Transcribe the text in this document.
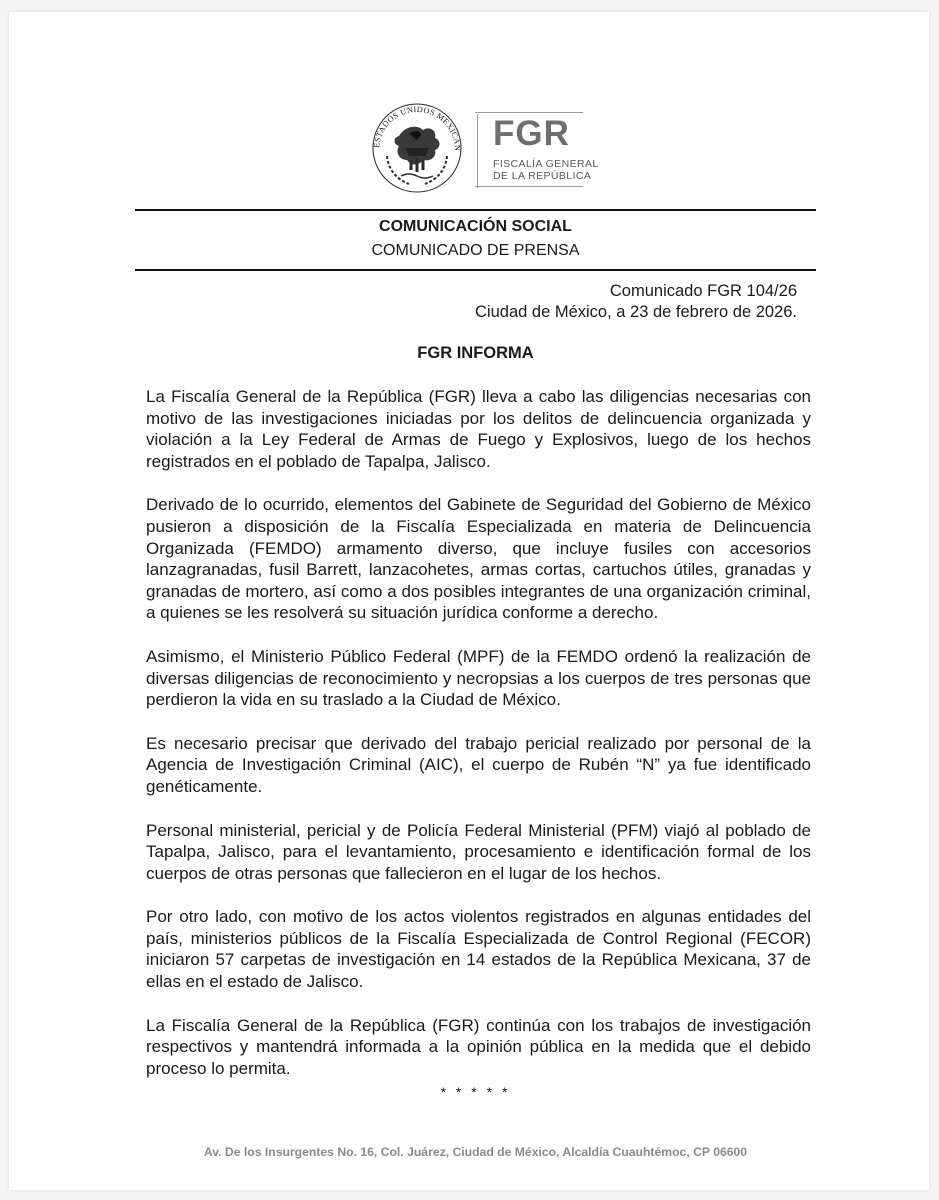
ESTADOS UNIDOS MEXICAN FGR
FISCALÍA GENERAL
DE LA REPÚBLICA
COMUNICACIÓN SOCIAL
COMUNICADO DE PRENSA
Comunicado FGR 104/26
Ciudad de México, a 23 de febrero de 2026.
FGR INFORMA

La Fiscalía General de la República (FGR) lleva a cabo las diligencias necesarias con motivo de las investigaciones iniciadas por los delitos de delincuencia organizada y violación a la Ley Federal de Armas de Fuego y Explosivos, luego de los hechos registrados en el poblado de Tapalpa, Jalisco.

Derivado de lo ocurrido, elementos del Gabinete de Seguridad del Gobierno de México pusieron a disposición de la Fiscalía Especializada en materia de Delincuencia Organizada (FEMDO) armamento diverso, que incluye fusiles con accesorios lanzagranadas, fusil Barrett, lanzacohetes, armas cortas, cartuchos útiles, granadas y granadas de mortero, así como a dos posibles integrantes de una organización criminal, a quienes se les resolverá su situación jurídica conforme a derecho.

Asimismo, el Ministerio Público Federal (MPF) de la FEMDO ordenó la realización de diversas diligencias de reconocimiento y necropsias a los cuerpos de tres personas que perdieron la vida en su traslado a la Ciudad de México.

Es necesario precisar que derivado del trabajo pericial realizado por personal de la Agencia de Investigación Criminal (AIC), el cuerpo de Rubén “N” ya fue identificado genéticamente.

Personal ministerial, pericial y de Policía Federal Ministerial (PFM) viajó al poblado de Tapalpa, Jalisco, para el levantamiento, procesamiento e identificación formal de los cuerpos de otras personas que fallecieron en el lugar de los hechos.

Por otro lado, con motivo de los actos violentos registrados en algunas entidades del país, ministerios públicos de la Fiscalía Especializada de Control Regional (FECOR) iniciaron 57 carpetas de investigación en 14 estados de la República Mexicana, 37 de ellas en el estado de Jalisco.

La Fiscalía General de la República (FGR) continúa con los trabajos de investigación respectivos y mantendrá informada a la opinión pública en la medida que el debido proceso lo permita.

* * * * *
Av. De los Insurgentes No. 16, Col. Juárez, Ciudad de México, Alcaldía Cuauhtémoc, CP 06600
